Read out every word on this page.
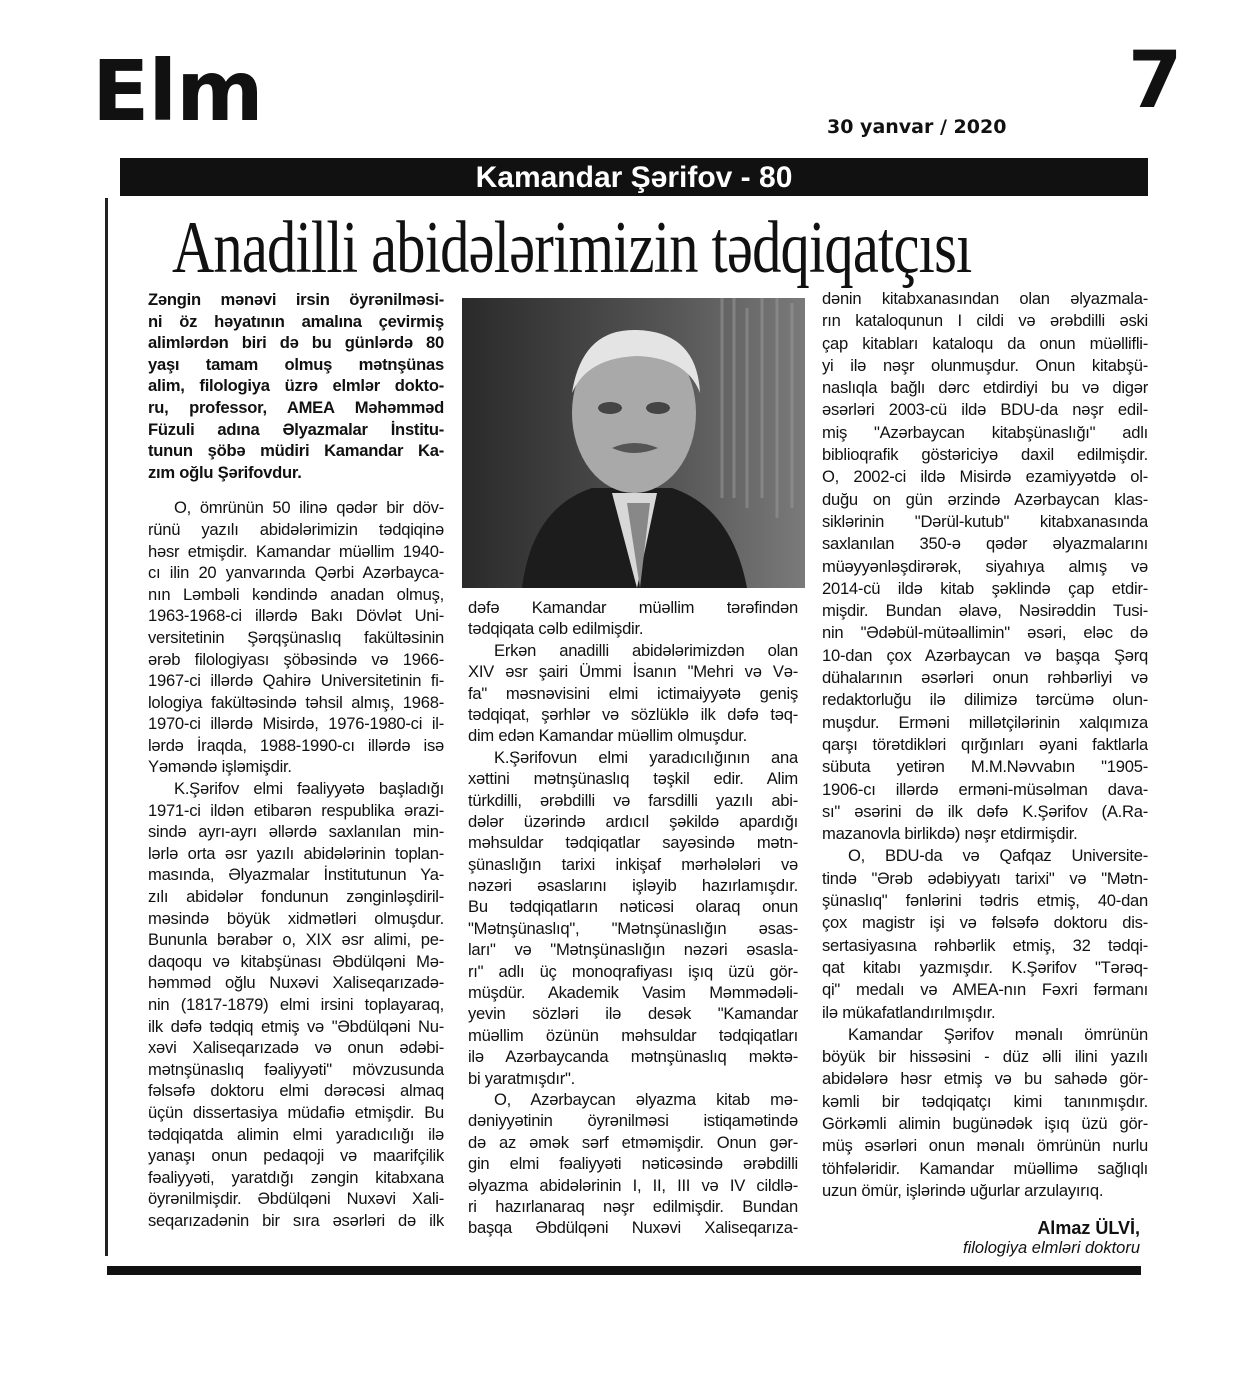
Elm	7
30 yanvar / 2020
Kamandar Şərifov - 80
Anadilli abidələrimizin tədqiqatçısı
Zəngin mənəvi irsin öyrənilməsi-
ni öz həyatının amalına çevirmiş
alimlərdən biri də bu günlərdə 80
yaşı tamam olmuş mətnşünas
alim, filologiya üzrə elmlər dokto-
ru, professor, AMEA Məhəmməd
Füzuli adına Əlyazmalar İnstitu-
tunun şöbə müdiri Kamandar Ka-
zım oğlu Şərifovdur.
O, ömrünün 50 ilinə qədər bir döv-
rünü yazılı abidələrimizin tədqiqinə
həsr etmişdir. Kamandar müəllim 1940-
cı ilin 20 yanvarında Qərbi Azərbayca-
nın Ləmbəli kəndində anadan olmuş,
1963-1968-ci illərdə Bakı Dövlət Uni-
versitetinin Şərqşünaslıq fakültəsinin
ərəb filologiyası şöbəsində və 1966-
1967-ci illərdə Qahirə Universitetinin fi-
lologiya fakültəsində təhsil almış, 1968-
1970-ci illərdə Misirdə, 1976-1980-ci il-
lərdə İraqda, 1988-1990-cı illərdə isə
Yəməndə işləmişdir.
K.Şərifov elmi fəaliyyətə başladığı
1971-ci ildən etibarən respublika ərazi-
sində ayrı-ayrı əllərdə saxlanılan min-
lərlə orta əsr yazılı abidələrinin toplan-
masında, Əlyazmalar İnstitutunun Ya-
zılı abidələr fondunun zənginləşdiril-
məsində böyük xidmətləri olmuşdur.
Bununla bərabər o, XIX əsr alimi, pe-
daqoqu və kitabşünası Əbdülqəni Mə-
həmməd oğlu Nuxəvi Xaliseqarızadə-
nin (1817-1879) elmi irsini toplayaraq,
ilk dəfə tədqiq etmiş və "Əbdülqəni Nu-
xəvi Xaliseqarızadə və onun ədəbi-
mətnşünaslıq fəaliyyəti" mövzusunda
fəlsəfə doktoru elmi dərəcəsi almaq
üçün dissertasiya müdafiə etmişdir. Bu
tədqiqatda alimin elmi yaradıcılığı ilə
yanaşı onun pedaqoji və maarifçilik
fəaliyyəti, yaratdığı zəngin kitabxana
öyrənilmişdir. Əbdülqəni Nuxəvi Xali-
seqarızadənin bir sıra əsərləri də ilk
dəfə Kamandar müəllim tərəfindən
tədqiqata cəlb edilmişdir.
Erkən anadilli abidələrimizdən olan
XIV əsr şairi Ümmi İsanın "Mehri və Və-
fa" məsnəvisini elmi ictimaiyyətə geniş
tədqiqat, şərhlər və sözlüklə ilk dəfə təq-
dim edən Kamandar müəllim olmuşdur.
K.Şərifovun elmi yaradıcılığının ana
xəttini mətnşünaslıq təşkil edir. Alim
türkdilli, ərəbdilli və farsdilli yazılı abi-
dələr üzərində ardıcıl şəkildə apardığı
məhsuldar tədqiqatlar sayəsində mətn-
şünaslığın tarixi inkişaf mərhələləri və
nəzəri əsaslarını işləyib hazırlamışdır.
Bu tədqiqatların nəticəsi olaraq onun
"Mətnşünaslıq", "Mətnşünaslığın əsas-
ları" və "Mətnşünaslığın nəzəri əsasla-
rı" adlı üç monoqrafiyası işıq üzü gör-
müşdür. Akademik Vasim Məmmədəli-
yevin sözləri ilə desək "Kamandar
müəllim özünün məhsuldar tədqiqatları
ilə Azərbaycanda mətnşünaslıq məktə-
bi yaratmışdır".
O, Azərbaycan əlyazma kitab mə-
dəniyyətinin öyrənilməsi istiqamətində
də az əmək sərf etməmişdir. Onun gər-
gin elmi fəaliyyəti nəticəsində ərəbdilli
əlyazma abidələrinin I, II, III və IV cildlə-
ri hazırlanaraq nəşr edilmişdir. Bundan
başqa Əbdülqəni Nuxəvi Xaliseqarıza-
dənin kitabxanasından olan əlyazmala-
rın kataloqunun I cildi və ərəbdilli əski
çap kitabları kataloqu da onun müəllifli-
yi ilə nəşr olunmuşdur. Onun kitabşü-
naslıqla bağlı dərc etdirdiyi bu və digər
əsərləri 2003-cü ildə BDU-da nəşr edil-
miş "Azərbaycan kitabşünaslığı" adlı
biblioqrafik göstəriciyə daxil edilmişdir.
O, 2002-ci ildə Misirdə ezamiyyətdə ol-
duğu on gün ərzində Azərbaycan klas-
siklərinin "Dərül-kutub" kitabxanasında
saxlanılan 350-ə qədər əlyazmalarını
müəyyənləşdirərək, siyahıya almış və
2014-cü ildə kitab şəklində çap etdir-
mişdir. Bundan əlavə, Nəsirəddin Tusi-
nin "Ədəbül-mütəallimin" əsəri, eləc də
10-dan çox Azərbaycan və başqa Şərq
dühalarının əsərləri onun rəhbərliyi və
redaktorluğu ilə dilimizə tərcümə olun-
muşdur. Erməni millətçilərinin xalqımıza
qarşı törətdikləri qırğınları əyani faktlarla
sübuta yetirən M.M.Nəvvabın "1905-
1906-cı illərdə erməni-müsəlman dava-
sı" əsərini də ilk dəfə K.Şərifov (A.Ra-
mazanovla birlikdə) nəşr etdirmişdir.
O, BDU-da və Qafqaz Universite-
tində "Ərəb ədəbiyyatı tarixi" və "Mətn-
şünaslıq" fənlərini tədris etmiş, 40-dan
çox magistr işi və fəlsəfə doktoru dis-
sertasiyasına rəhbərlik etmiş, 32 tədqi-
qat kitabı yazmışdır. K.Şərifov "Tərəq-
qi" medalı və AMEA-nın Fəxri fərmanı
ilə mükafatlandırılmışdır.
Kamandar Şərifov mənalı ömrünün
böyük bir hissəsini - düz əlli ilini yazılı
abidələrə həsr etmiş və bu sahədə gör-
kəmli bir tədqiqatçı kimi tanınmışdır.
Görkəmli alimin bugünədək işıq üzü gör-
müş əsərləri onun mənalı ömrünün nurlu
töhfələridir. Kamandar müəllimə sağlıqlı
uzun ömür, işlərində uğurlar arzulayırıq.
Almaz ÜLVİ,
filologiya elmləri doktoru
